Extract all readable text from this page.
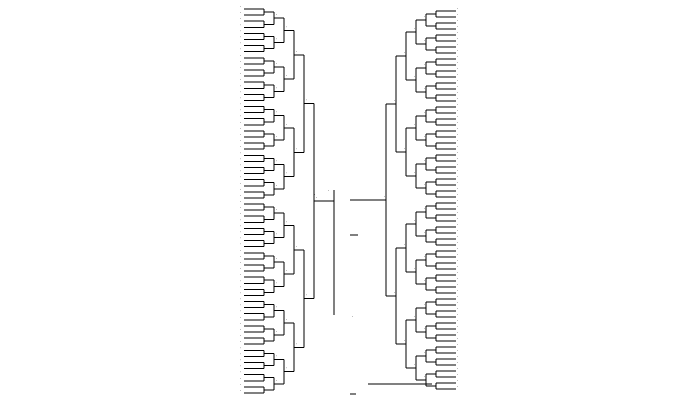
·
·
·
·
·
·
·
·
·
·
·
·
·
·
·
·
·
·
·
·
·
·
·
·
·
·
·
·
·
·
·
·
·
·
·
·
·
·
·
·
·
·
·
·
·
·
·
·
·
·
·
·
·
·
·
·
·
·
·
·
·
·
·
·
·
·
·
·
·
·
·
·
·
·
·
·
·
·
·
·
·
·
·
·
·
·
·
·
·
·
·
·
·
·
·
·
·
·
·
·
·
·
·
·
·
·
·
·
·
·
·
·
·
·
·
·
·
·
·
·
·
·
·
·
·
·
·
·
·
·
·
·
·
·
·
·
·
·
·
·
·
·
·
·
·
·
·
·
·
·
·
·
·
·
·
·
·
·
·
·
·
·
·
·
·
·
·
·
·
·
·
·
·
·
·
·
·
·
·
·
·
·
·
·
·
·
·
·
·
·
·
·
·
